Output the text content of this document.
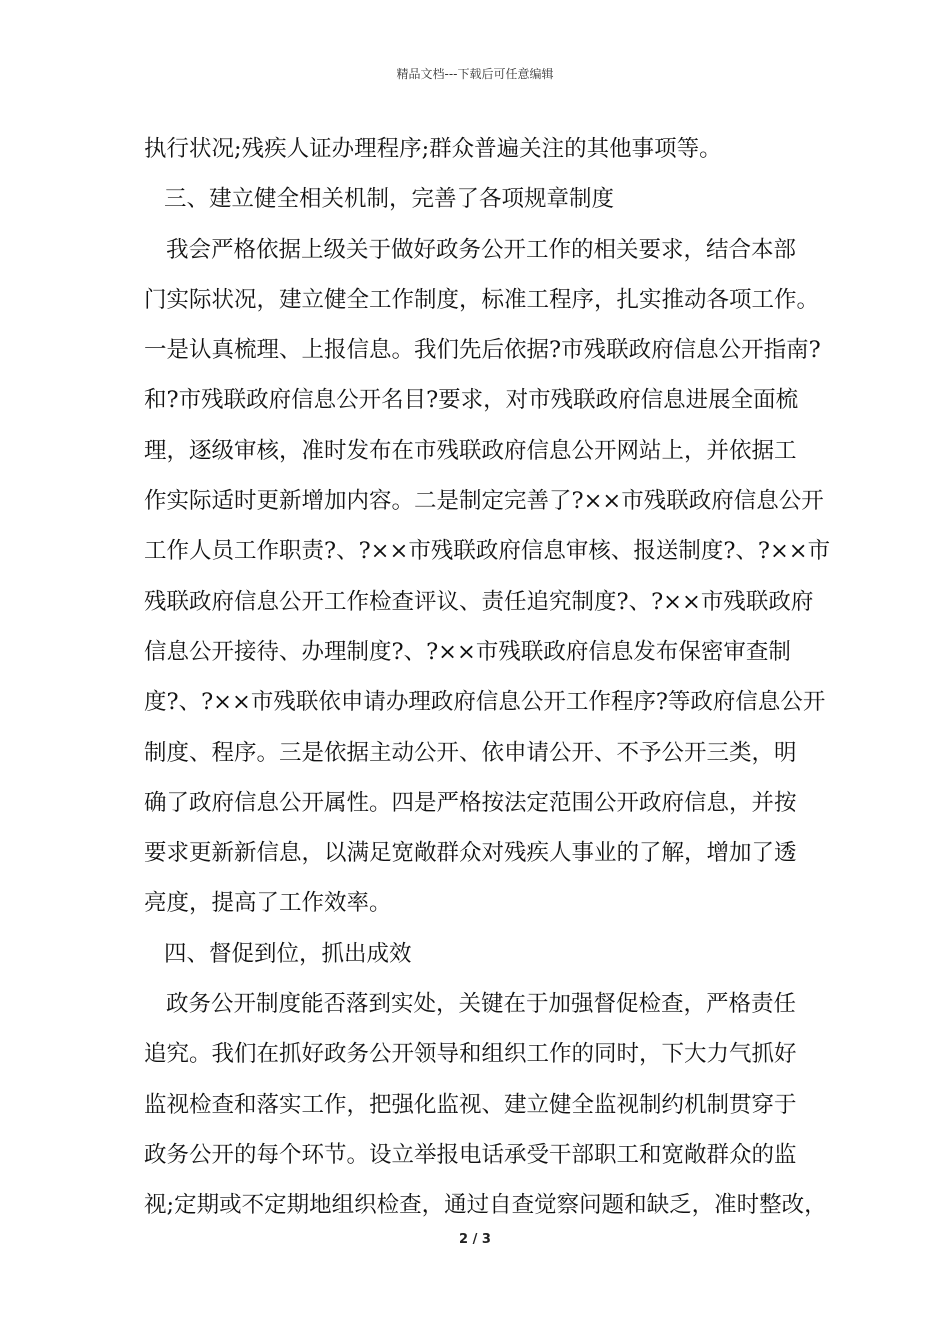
精品文档---下载后可任意编辑
执行状况;残疾人证办理程序;群众普遍关注的其他事项等。
三、建立健全相关机制，完善了各项规章制度
我会严格依据上级关于做好政务公开工作的相关要求，结合本部
门实际状况，建立健全工作制度，标准工程序，扎实推动各项工作。
一是认真梳理、上报信息。我们先后依据?市残联政府信息公开指南?
和?市残联政府信息公开名目?要求，对市残联政府信息进展全面梳
理，逐级审核，准时发布在市残联政府信息公开网站上，并依据工
作实际适时更新增加内容。二是制定完善了?××市残联政府信息公开
工作人员工作职责?、?××市残联政府信息审核、报送制度?、?××市
残联政府信息公开工作检查评议、责任追究制度?、?××市残联政府
信息公开接待、办理制度?、?××市残联政府信息发布保密审查制
度?、?××市残联依申请办理政府信息公开工作程序?等政府信息公开
制度、程序。三是依据主动公开、依申请公开、不予公开三类，明
确了政府信息公开属性。四是严格按法定范围公开政府信息，并按
要求更新新信息，以满足宽敞群众对残疾人事业的了解，增加了透
亮度，提高了工作效率。
四、督促到位，抓出成效
政务公开制度能否落到实处，关键在于加强督促检查，严格责任
追究。我们在抓好政务公开领导和组织工作的同时，下大力气抓好
监视检查和落实工作，把强化监视、建立健全监视制约机制贯穿于
政务公开的每个环节。设立举报电话承受干部职工和宽敞群众的监
视;定期或不定期地组织检查，通过自查觉察问题和缺乏，准时整改，
2 / 3
